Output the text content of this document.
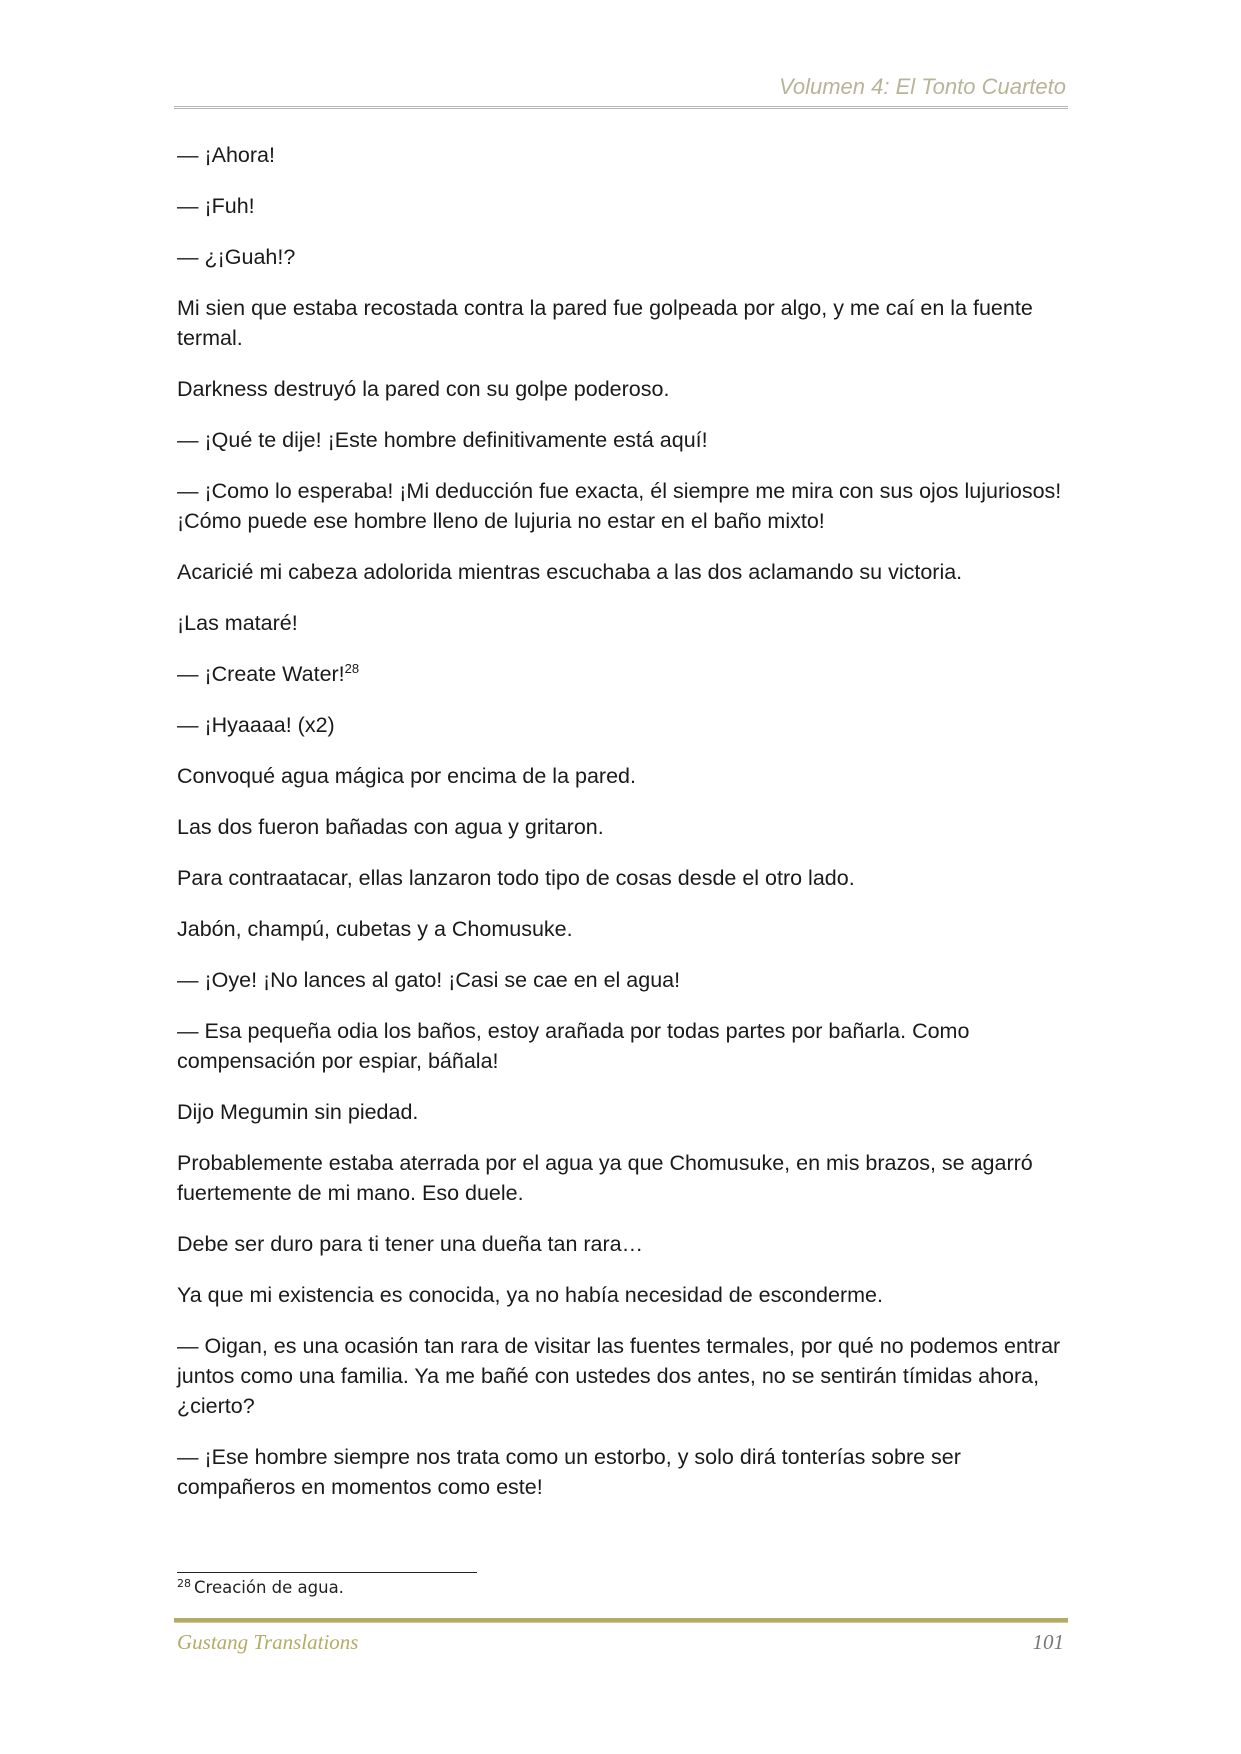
Volumen 4: El Tonto Cuarteto

— ¡Ahora!

— ¡Fuh!

— ¿¡Guah!?

Mi sien que estaba recostada contra la pared fue golpeada por algo, y me caí en la fuente termal.

Darkness destruyó la pared con su golpe poderoso.

— ¡Qué te dije! ¡Este hombre definitivamente está aquí!

— ¡Como lo esperaba! ¡Mi deducción fue exacta, él siempre me mira con sus ojos lujuriosos! ¡Cómo puede ese hombre lleno de lujuria no estar en el baño mixto!

Acaricié mi cabeza adolorida mientras escuchaba a las dos aclamando su victoria.

¡Las mataré!

— ¡Create Water!$^{28}$

— ¡Hyaaaa! (x2)

Convoqué agua mágica por encima de la pared.

Las dos fueron bañadas con agua y gritaron.

Para contraatacar, ellas lanzaron todo tipo de cosas desde el otro lado.

Jabón, champú, cubetas y a Chomusuke.

— ¡Oye! ¡No lances al gato! ¡Casi se cae en el agua!

— Esa pequeña odia los baños, estoy arañada por todas partes por bañarla. Como compensación por espiar, báñala!

Dijo Megumin sin piedad.

Probablemente estaba aterrada por el agua ya que Chomusuke, en mis brazos, se agarró fuertemente de mi mano. Eso duele.

Debe ser duro para ti tener una dueña tan rara…

Ya que mi existencia es conocida, ya no había necesidad de esconderme.

— Oigan, es una ocasión tan rara de visitar las fuentes termales, por qué no podemos entrar juntos como una familia. Ya me bañé con ustedes dos antes, no se sentirán tímidas ahora, ¿cierto?

— ¡Ese hombre siempre nos trata como un estorbo, y solo dirá tonterías sobre ser compañeros en momentos como este!

$^{28}$ Creación de agua.
Gustang Translations	101
